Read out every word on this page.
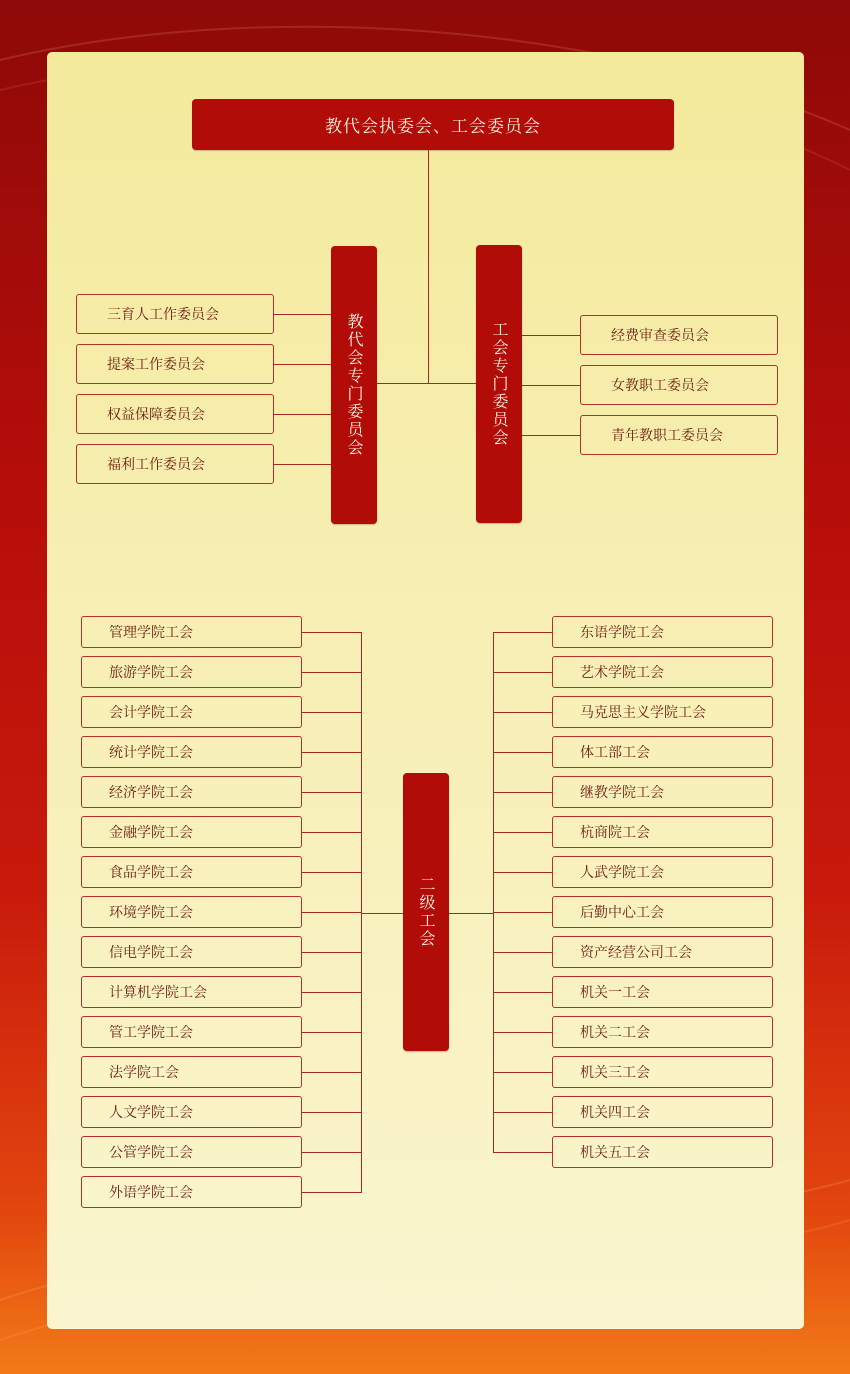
教代会执委会、工会委员会
教代会专门委员会	工会专门委员会
三育人工作委员会
提案工作委员会
权益保障委员会
福利工作委员会
经费审查委员会
女教职工委员会
青年教职工委员会
二级工会
管理学院工会
旅游学院工会
会计学院工会
统计学院工会
经济学院工会
金融学院工会
食品学院工会
环境学院工会
信电学院工会
计算机学院工会
管工学院工会
法学院工会
人文学院工会
公管学院工会
外语学院工会
东语学院工会
艺术学院工会
马克思主义学院工会
体工部工会
继教学院工会
杭商院工会
人武学院工会
后勤中心工会
资产经营公司工会
机关一工会
机关二工会
机关三工会
机关四工会
机关五工会
